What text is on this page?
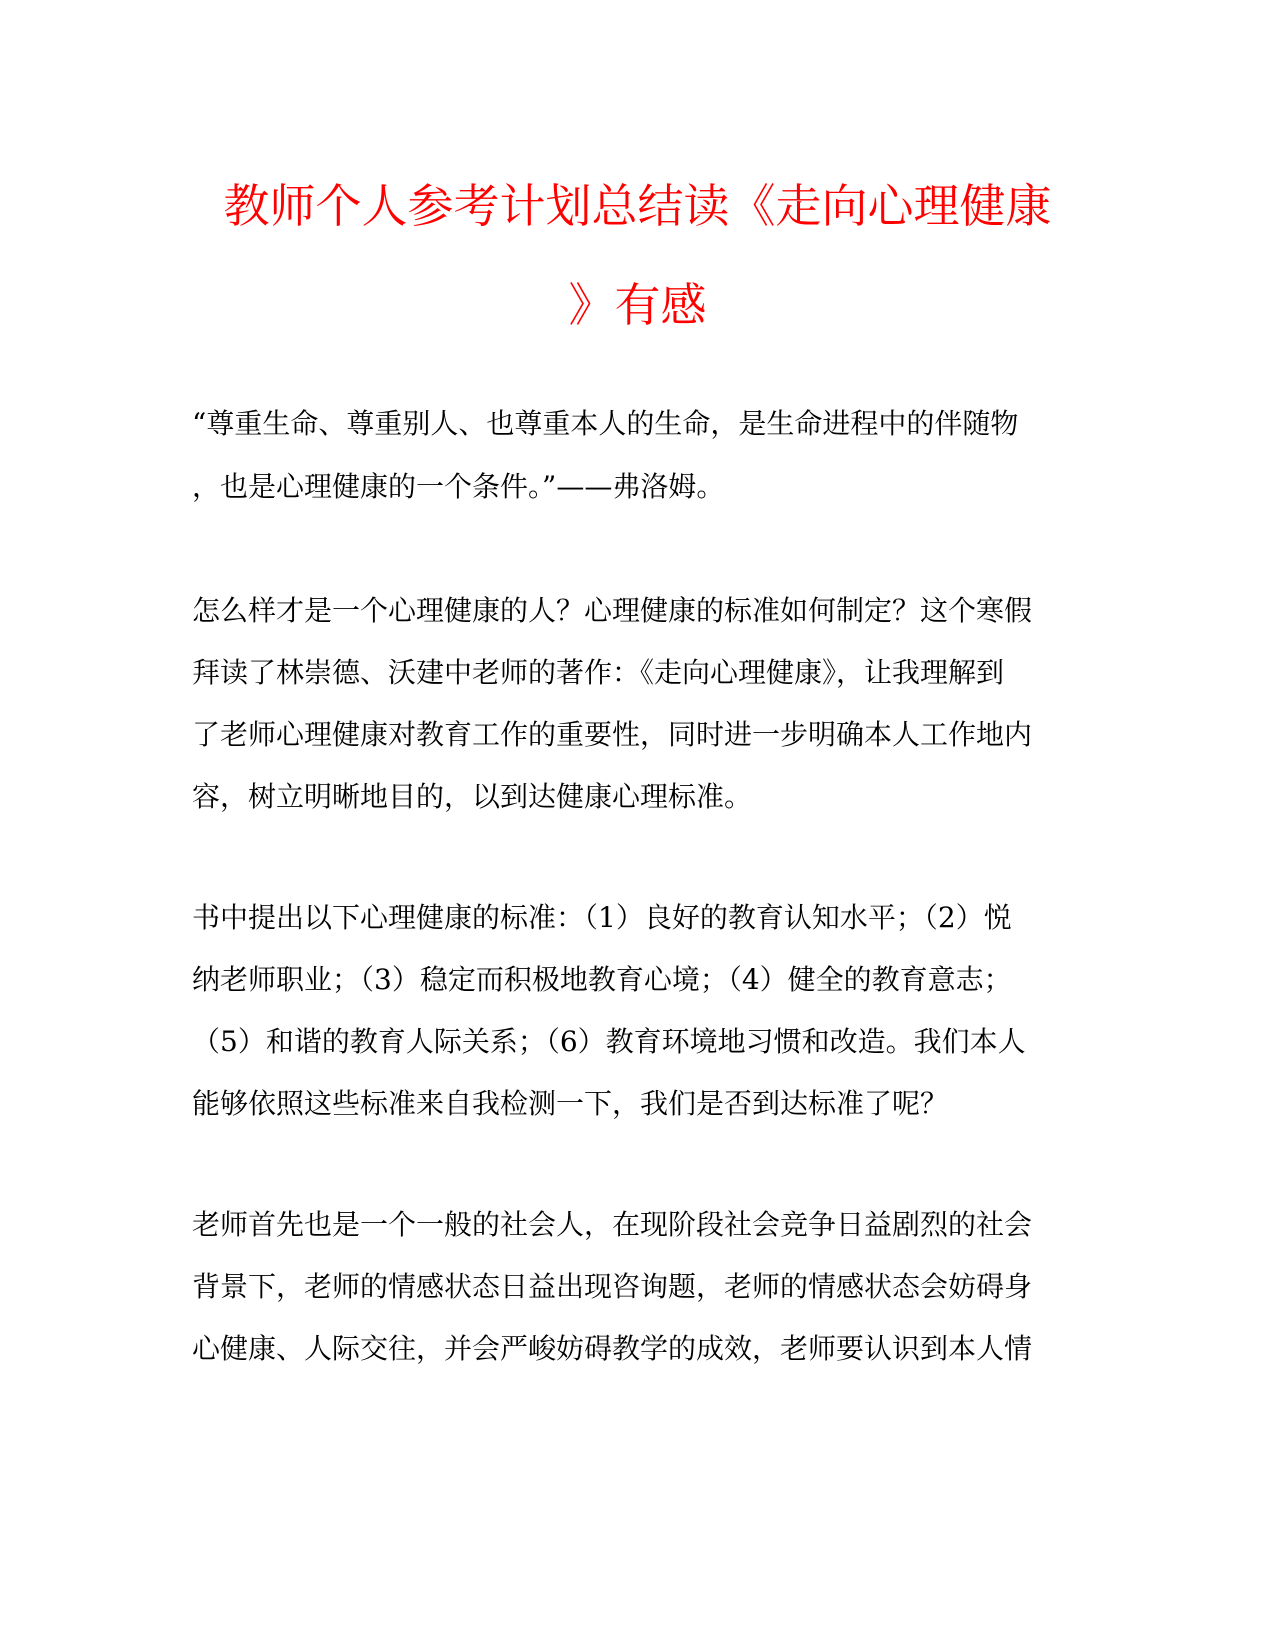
教师个人参考计划总结读《走向心理健康
》有感
“尊重生命、尊重别人、也尊重本人的生命，是生命进程中的伴随物
，也是心理健康的一个条件。”——弗洛姆。
怎么样才是一个心理健康的人？心理健康的标准如何制定？这个寒假
拜读了林崇德、沃建中老师的著作：《走向心理健康》，让我理解到
了老师心理健康对教育工作的重要性，同时进一步明确本人工作地内
容，树立明晰地目的，以到达健康心理标准。
书中提出以下心理健康的标准：（1）良好的教育认知水平；（2）悦
纳老师职业；（3）稳定而积极地教育心境；（4）健全的教育意志；
（5）和谐的教育人际关系；（6）教育环境地习惯和改造。我们本人
能够依照这些标准来自我检测一下，我们是否到达标准了呢？
老师首先也是一个一般的社会人，在现阶段社会竞争日益剧烈的社会
背景下，老师的情感状态日益出现咨询题，老师的情感状态会妨碍身
心健康、人际交往，并会严峻妨碍教学的成效，老师要认识到本人情
